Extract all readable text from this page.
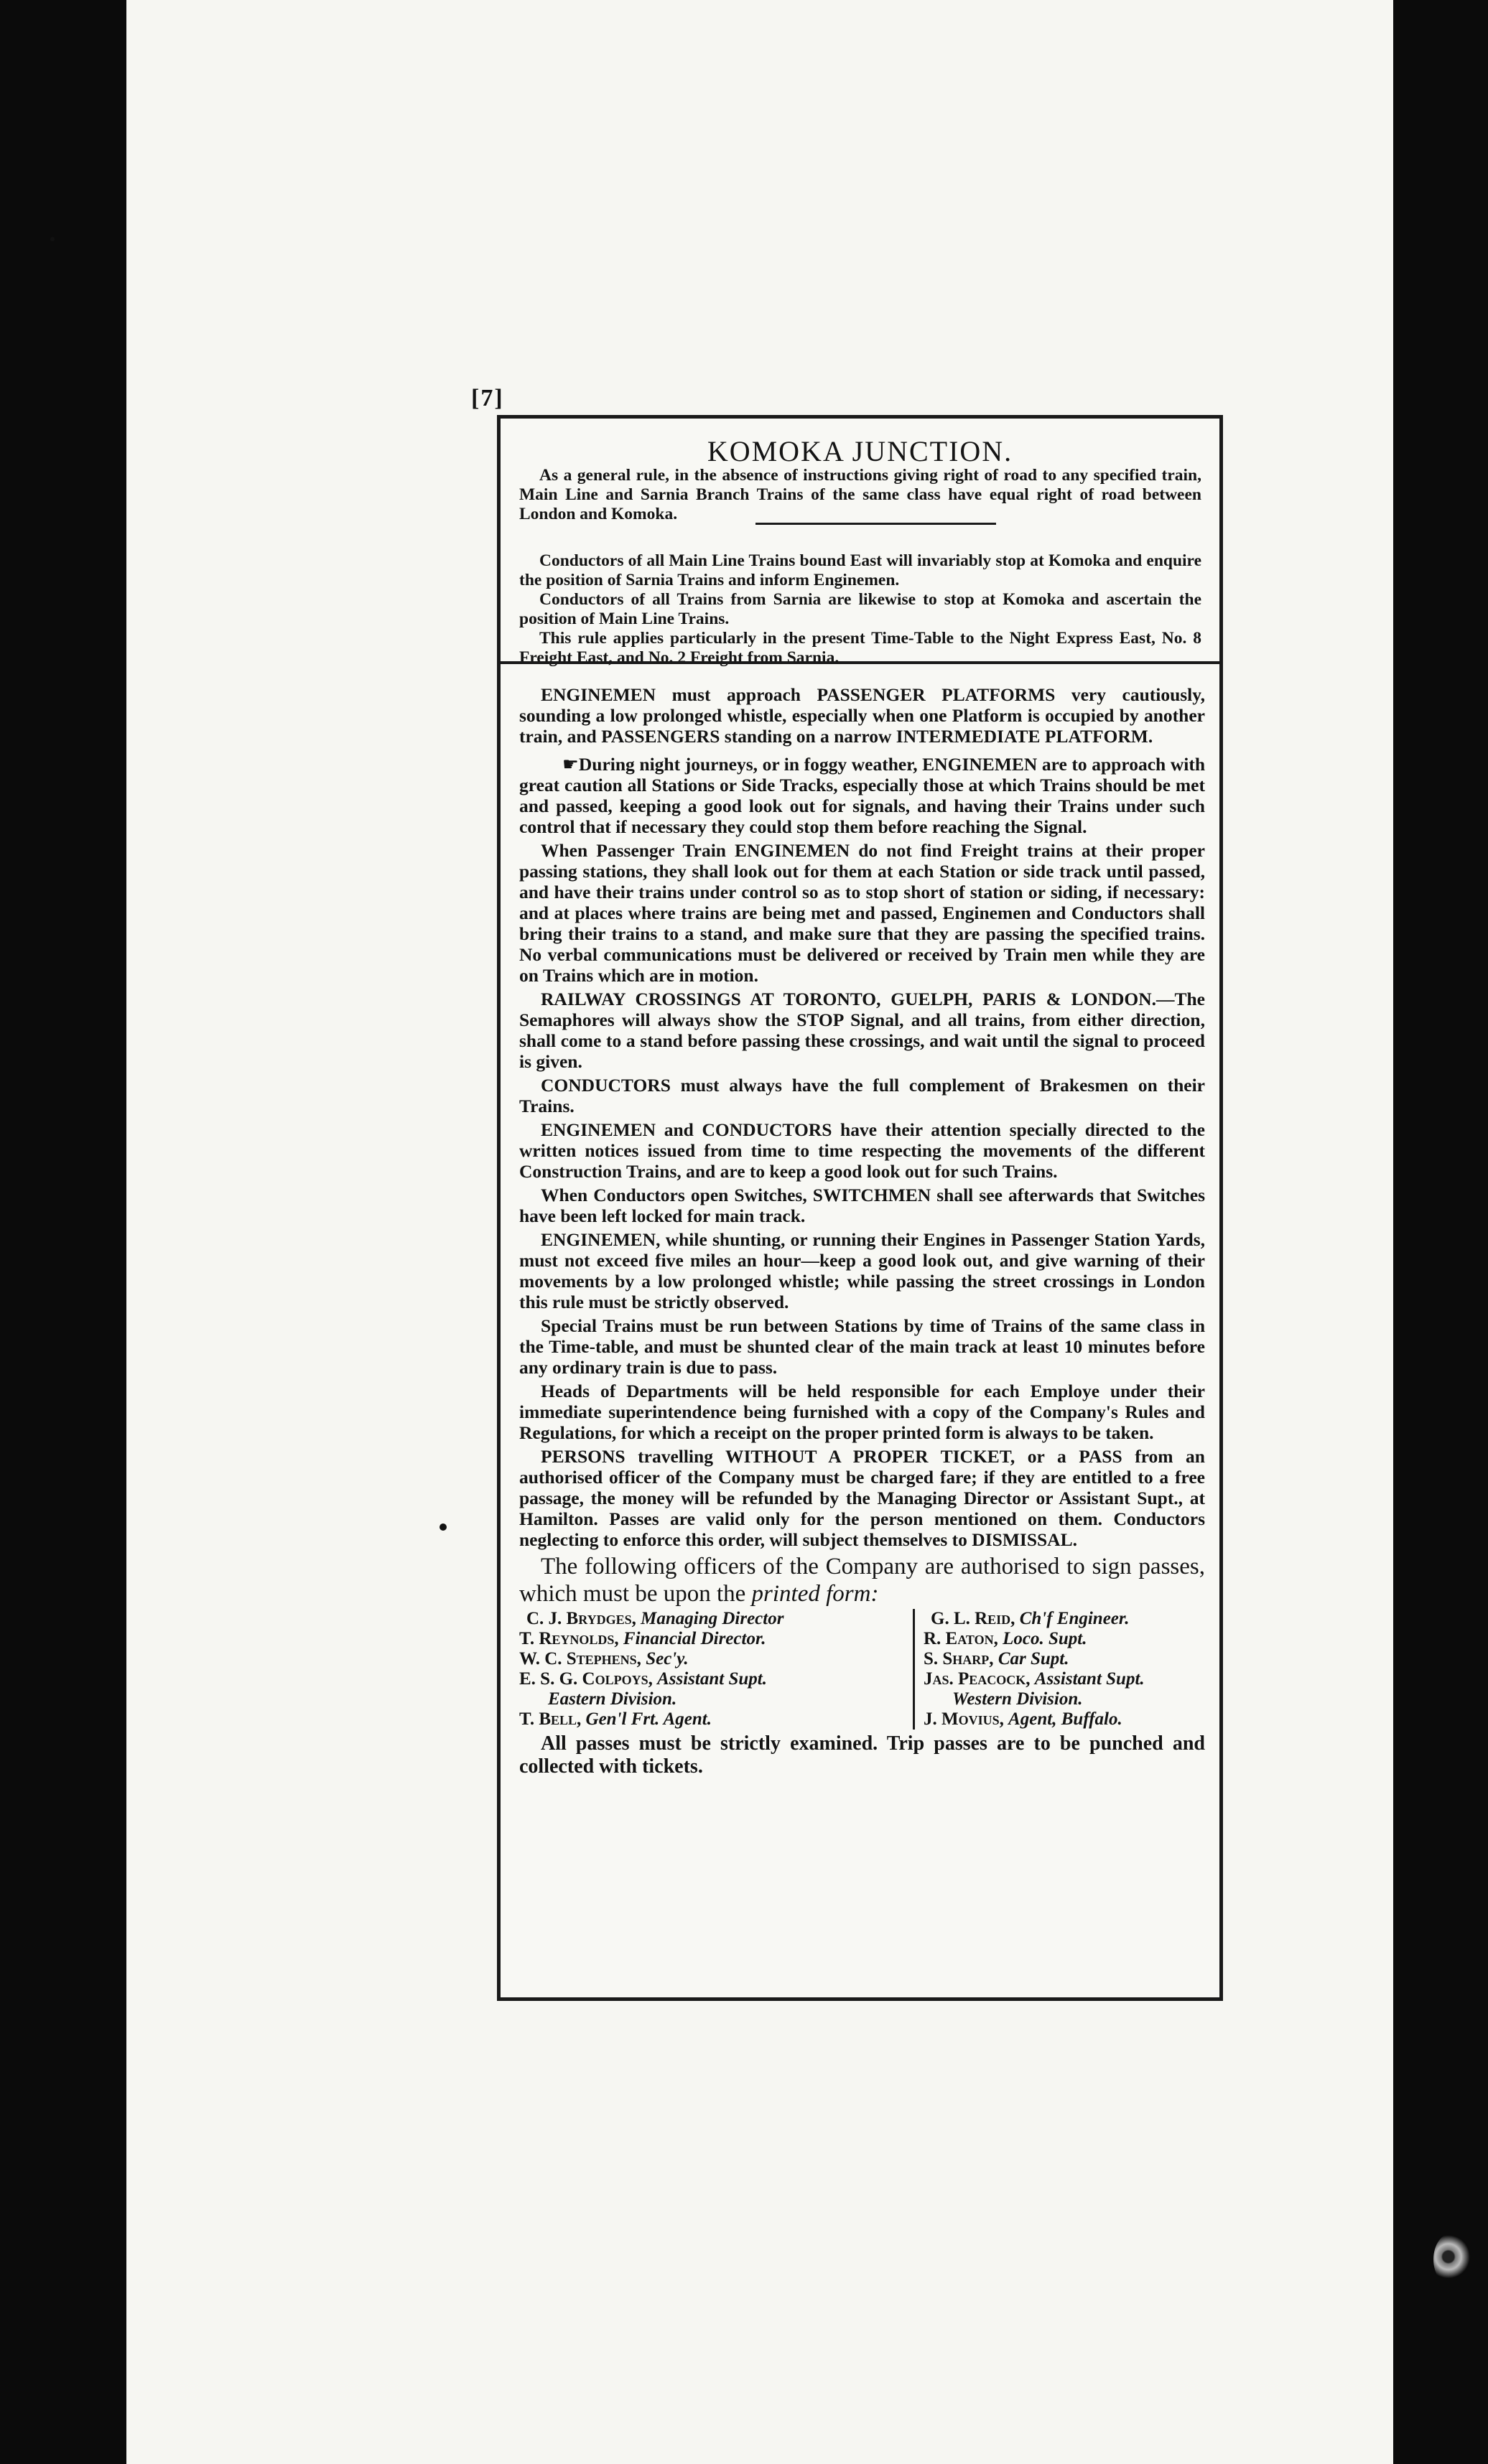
[7]
KOMOKA JUNCTION.

As a general rule, in the absence of instructions giving right of road to any specified train, Main Line and Sarnia Branch Trains of the same class have equal right of road between London and Komoka.

Conductors of all Main Line Trains bound East will invariably stop at Komoka and enquire the position of Sarnia Trains and inform Enginemen.

Conductors of all Trains from Sarnia are likewise to stop at Komoka and ascertain the position of Main Line Trains.

This rule applies particularly in the present Time-Table to the Night Express East, No. 8 Freight East, and No. 2 Freight from Sarnia.

ENGINEMEN must approach PASSENGER PLATFORMS very cautiously, sounding a low prolonged whistle, especially when one Platform is occupied by another train, and PASSENGERS standing on a narrow INTERMEDIATE PLATFORM.

☛During night journeys, or in foggy weather, ENGINEMEN are to approach with great caution all Stations or Side Tracks, especially those at which Trains should be met and passed, keeping a good look out for signals, and having their Trains under such control that if necessary they could stop them before reaching the Signal.

When Passenger Train ENGINEMEN do not find Freight trains at their proper passing stations, they shall look out for them at each Station or side track until passed, and have their trains under control so as to stop short of station or siding, if necessary: and at places where trains are being met and passed, Enginemen and Conductors shall bring their trains to a stand, and make sure that they are passing the specified trains. No verbal communications must be delivered or received by Train men while they are on Trains which are in motion.

RAILWAY CROSSINGS AT TORONTO, GUELPH, PARIS & LONDON.—The Semaphores will always show the STOP Signal, and all trains, from either direction, shall come to a stand before passing these crossings, and wait until the signal to proceed is given.

CONDUCTORS must always have the full complement of Brakesmen on their Trains.

ENGINEMEN and CONDUCTORS have their attention specially directed to the written notices issued from time to time respecting the movements of the different Construction Trains, and are to keep a good look out for such Trains.

When Conductors open Switches, SWITCHMEN shall see afterwards that Switches have been left locked for main track.

ENGINEMEN, while shunting, or running their Engines in Passenger Station Yards, must not exceed five miles an hour—keep a good look out, and give warning of their movements by a low prolonged whistle; while passing the street crossings in London this rule must be strictly observed.

Special Trains must be run between Stations by time of Trains of the same class in the Time-table, and must be shunted clear of the main track at least 10 minutes before any ordinary train is due to pass.

Heads of Departments will be held responsible for each Employe under their immediate superintendence being furnished with a copy of the Company's Rules and Regulations, for which a receipt on the proper printed form is always to be taken.

PERSONS travelling WITHOUT A PROPER TICKET, or a PASS from an authorised officer of the Company must be charged fare; if they are entitled to a free passage, the money will be refunded by the Managing Director or Assistant Supt., at Hamilton. Passes are valid only for the person mentioned on them. Conductors neglecting to enforce this order, will subject themselves to DISMISSAL.

The following officers of the Company are authorised to sign passes, which must be upon the printed form:

C. J. Brydges, Managing Director
T. Reynolds, Financial Director.
W. C. Stephens, Sec'y.
E. S. G. Colpoys, Assistant Supt.
Eastern Division.
T. Bell, Gen'l Frt. Agent.
G. L. Reid, Ch'f Engineer.
R. Eaton, Loco. Supt.
S. Sharp, Car Supt.
Jas. Peacock, Assistant Supt.
Western Division.
J. Movius, Agent, Buffalo.

All passes must be strictly examined. Trip passes are to be punched and collected with tickets.
